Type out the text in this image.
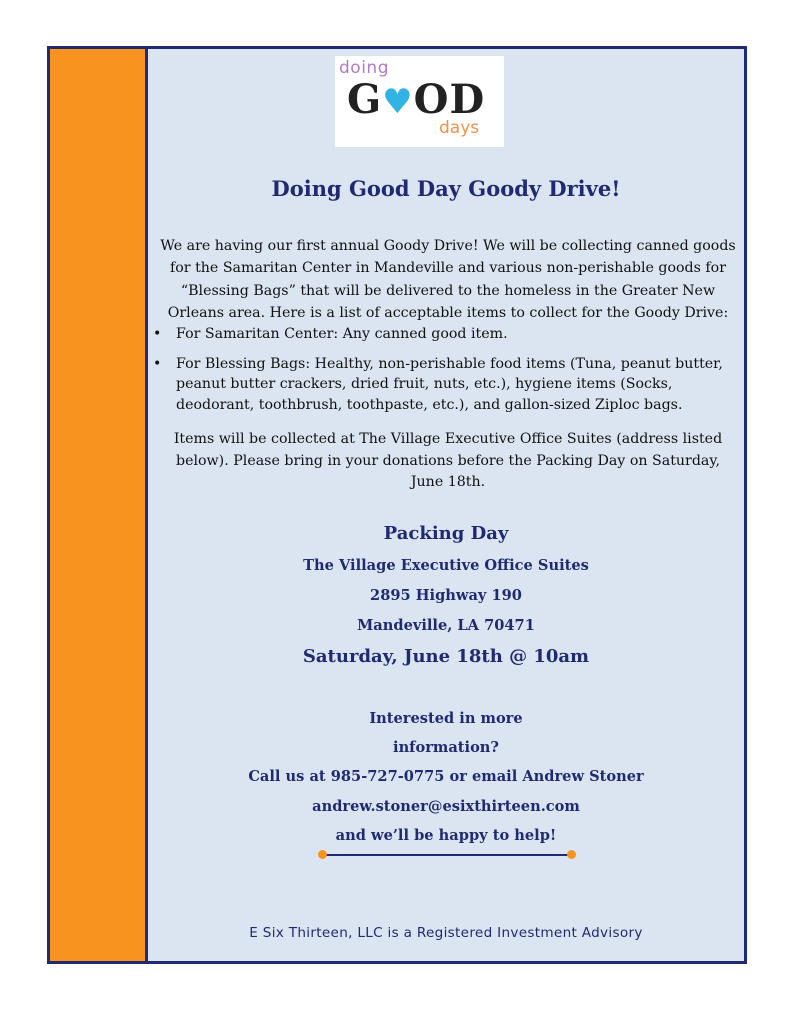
doing
G♥OD
days
Doing Good Day Goody Drive!
We are having our first annual Goody Drive! We will be collecting canned goods for the Samaritan Center in Mandeville and various non-perishable goods for “Blessing Bags” that will be delivered to the homeless in the Greater New Orleans area. Here is a list of acceptable items to collect for the Goody Drive:
• For Samaritan Center: Any canned good item.
• For Blessing Bags: Healthy, non-perishable food items (Tuna, peanut butter, peanut butter crackers, dried fruit, nuts, etc.), hygiene items (Socks, deodorant, toothbrush, toothpaste, etc.), and gallon-sized Ziploc bags.
Items will be collected at The Village Executive Office Suites (address listed below). Please bring in your donations before the Packing Day on Saturday, June 18th.
Packing Day
The Village Executive Office Suites
2895 Highway 190
Mandeville, LA 70471
Saturday, June 18th @ 10am
Interested in more
information?
Call us at 985-727-0775 or email Andrew Stoner
andrew.stoner@esixthirteen.com
and we’ll be happy to help!
E Six Thirteen, LLC is a Registered Investment Advisory
